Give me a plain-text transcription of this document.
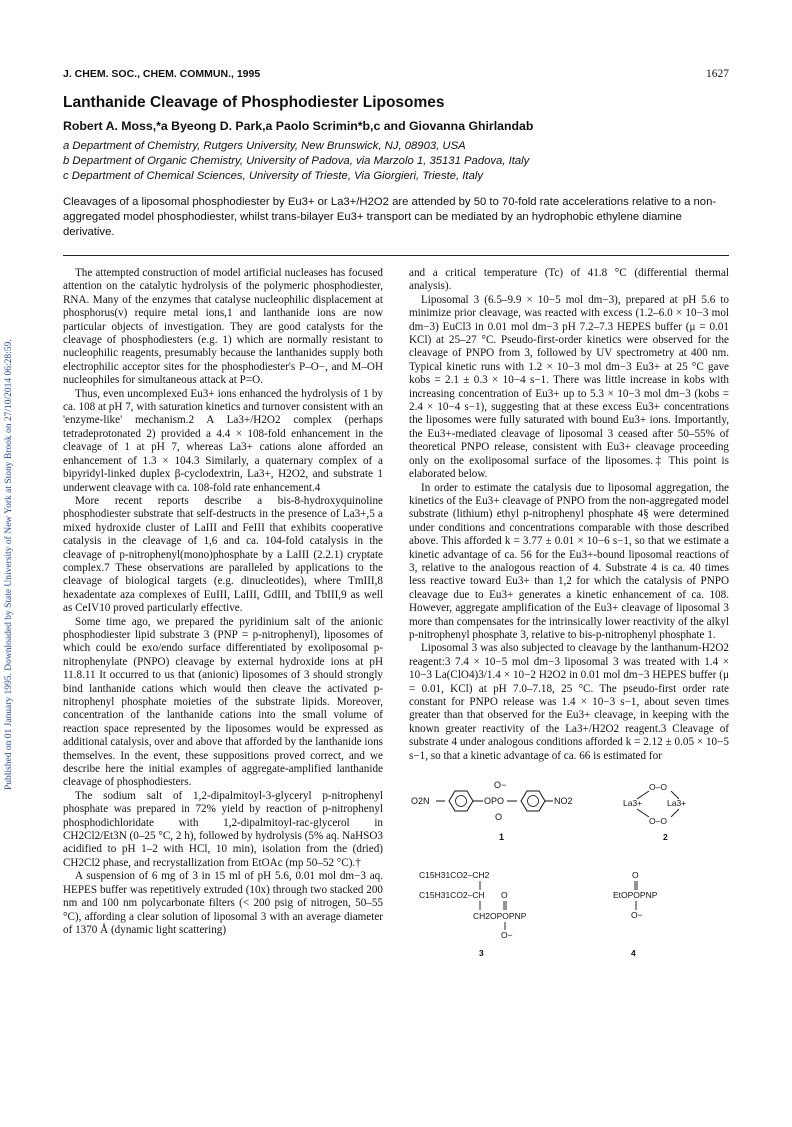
Published on 01 January 1995. Downloaded by State University of New York at Stony Brook on 27/10/2014 06:28:59.
J. CHEM. SOC., CHEM. COMMUN., 1995	1627
Lanthanide Cleavage of Phosphodiester Liposomes
Robert A. Moss,*a Byeong D. Park,a Paolo Scrimin*b,c and Giovanna Ghirlandab
a Department of Chemistry, Rutgers University, New Brunswick, NJ, 08903, USA
b Department of Organic Chemistry, University of Padova, via Marzolo 1, 35131 Padova, Italy
c Department of Chemical Sciences, University of Trieste, Via Giorgieri, Trieste, Italy
Cleavages of a liposomal phosphodiester by Eu3+ or La3+/H2O2 are attended by 50 to 70-fold rate accelerations relative to a non-aggregated model phosphodiester, whilst trans-bilayer Eu3+ transport can be mediated by an hydrophobic ethylene diamine derivative.

The attempted construction of model artificial nucleases has focused attention on the catalytic hydrolysis of the polymeric phosphodiester, RNA. Many of the enzymes that catalyse nucleophilic displacement at phosphorus(v) require metal ions,1 and lanthanide ions are now particular objects of investigation. They are good catalysts for the cleavage of phosphodiesters (e.g. 1) which are normally resistant to nucleophilic reagents, presumably because the lanthanides supply both electrophilic acceptor sites for the phosphodiester's P–O−, and M–OH nucleophiles for simultaneous attack at P=O.

Thus, even uncomplexed Eu3+ ions enhanced the hydrolysis of 1 by ca. 108 at pH 7, with saturation kinetics and turnover consistent with an 'enzyme-like' mechanism.2 A La3+/H2O2 complex (perhaps tetradeprotonated 2) provided a 4.4 × 108-fold enhancement in the cleavage of 1 at pH 7, whereas La3+ cations alone afforded an enhancement of 1.3 × 104.3 Similarly, a quaternary complex of a bipyridyl-linked duplex β-cyclodextrin, La3+, H2O2, and substrate 1 underwent cleavage with ca. 108-fold rate enhancement.4

More recent reports describe a bis-8-hydroxyquinoline phosphodiester substrate that self-destructs in the presence of La3+,5 a mixed hydroxide cluster of LaIII and FeIII that exhibits cooperative catalysis in the cleavage of 1,6 and ca. 104-fold catalysis in the cleavage of p-nitrophenyl(mono)phosphate by a LaIII (2.2.1) cryptate complex.7 These observations are paralleled by applications to the cleavage of biological targets (e.g. dinucleotides), where TmIII,8 hexadentate aza complexes of EuIII, LaIII, GdIII, and TbIII,9 as well as CeIV10 proved particularly effective.

Some time ago, we prepared the pyridinium salt of the anionic phosphodiester lipid substrate 3 (PNP = p-nitrophenyl), liposomes of which could be exo/endo surface differentiated by exoliposomal p-nitrophenylate (PNPO) cleavage by external hydroxide ions at pH 11.8.11 It occurred to us that (anionic) liposomes of 3 should strongly bind lanthanide cations which would then cleave the activated p-nitrophenyl phosphate moieties of the substrate lipids. Moreover, concentration of the lanthanide cations into the small volume of reaction space represented by the liposomes would be expressed as additional catalysis, over and above that afforded by the lanthanide ions themselves. In the event, these suppositions proved correct, and we describe here the initial examples of aggregate-amplified lanthanide cleavage of phosphodiesters.

The sodium salt of 1,2-dipalmitoyl-3-glyceryl p-nitrophenyl phosphate was prepared in 72% yield by reaction of p-nitrophenyl phosphodichloridate with 1,2-dipalmitoyl-rac-glycerol in CH2Cl2/Et3N (0–25 °C, 2 h), followed by hydrolysis (5% aq. NaHSO3 acidified to pH 1–2 with HCl, 10 min), isolation from the (dried) CH2Cl2 phase, and recrystallization from EtOAc (mp 50–52 °C).†

A suspension of 6 mg of 3 in 15 ml of pH 5.6, 0.01 mol dm−3 aq. HEPES buffer was repetitively extruded (10x) through two stacked 200 nm and 100 nm polycarbonate filters (< 200 psig of nitrogen, 50–55 °C), affording a clear solution of liposomal 3 with an average diameter of 1370 Å (dynamic light scattering)

and a critical temperature (Tc) of 41.8 °C (differential thermal analysis).

Liposomal 3 (6.5–9.9 × 10−5 mol dm−3), prepared at pH 5.6 to minimize prior cleavage, was reacted with excess (1.2–6.0 × 10−3 mol dm−3) EuCl3 in 0.01 mol dm−3 pH 7.2–7.3 HEPES buffer (μ = 0.01 KCl) at 25–27 °C. Pseudo-first-order kinetics were observed for the cleavage of PNPO from 3, followed by UV spectrometry at 400 nm. Typical kinetic runs with 1.2 × 10−3 mol dm−3 Eu3+ at 25 °C gave kobs = 2.1 ± 0.3 × 10−4 s−1. There was little increase in kobs with increasing concentration of Eu3+ up to 5.3 × 10−3 mol dm−3 (kobs = 2.4 × 10−4 s−1), suggesting that at these excess Eu3+ concentrations the liposomes were fully saturated with bound Eu3+ ions. Importantly, the Eu3+-mediated cleavage of liposomal 3 ceased after 50–55% of theoretical PNPO release, consistent with Eu3+ cleavage proceeding only on the exoliposomal surface of the liposomes.‡ This point is elaborated below.

In order to estimate the catalysis due to liposomal aggregation, the kinetics of the Eu3+ cleavage of PNPO from the non-aggregated model substrate (lithium) ethyl p-nitrophenyl phosphate 4§ were determined under conditions and concentrations comparable with those described above. This afforded k = 3.77 ± 0.01 × 10−6 s−1, so that we estimate a kinetic advantage of ca. 56 for the Eu3+-bound liposomal reactions of 3, relative to the analogous reaction of 4. Substrate 4 is ca. 40 times less reactive toward Eu3+ than 1,2 for which the catalysis of PNPO cleavage due to Eu3+ generates a kinetic enhancement of ca. 108. However, aggregate amplification of the Eu3+ cleavage of liposomal 3 more than compensates for the intrinsically lower reactivity of the alkyl p-nitrophenyl phosphate 3, relative to bis-p-nitrophenyl phosphate 1.

Liposomal 3 was also subjected to cleavage by the lanthanum-H2O2 reagent:3 7.4 × 10−5 mol dm−3 liposomal 3 was treated with 1.4 × 10−3 La(ClO4)3/1.4 × 10−2 H2O2 in 0.01 mol dm−3 HEPES buffer (μ = 0.01, KCl) at pH 7.0–7.18, 25 °C. The pseudo-first order rate constant for PNPO release was 1.4 × 10−3 s−1, about seven times greater than that observed for the Eu3+ cleavage, in keeping with the known greater reactivity of the La3+/H2O2 reagent.3 Cleavage of substrate 4 under analogous conditions afforded k = 2.12 ± 0.05 × 10−5 s−1, so that a kinetic advantage of ca. 66 is estimated for

O2N	OPO
O−
O
NO2
1
O–O
La3+	La3+
O–O
2
C15H31CO2–CH2
C15H31CO2–CH O
CH2OPOPNP
O−
3
O
EtOPOPNP
O−
4
